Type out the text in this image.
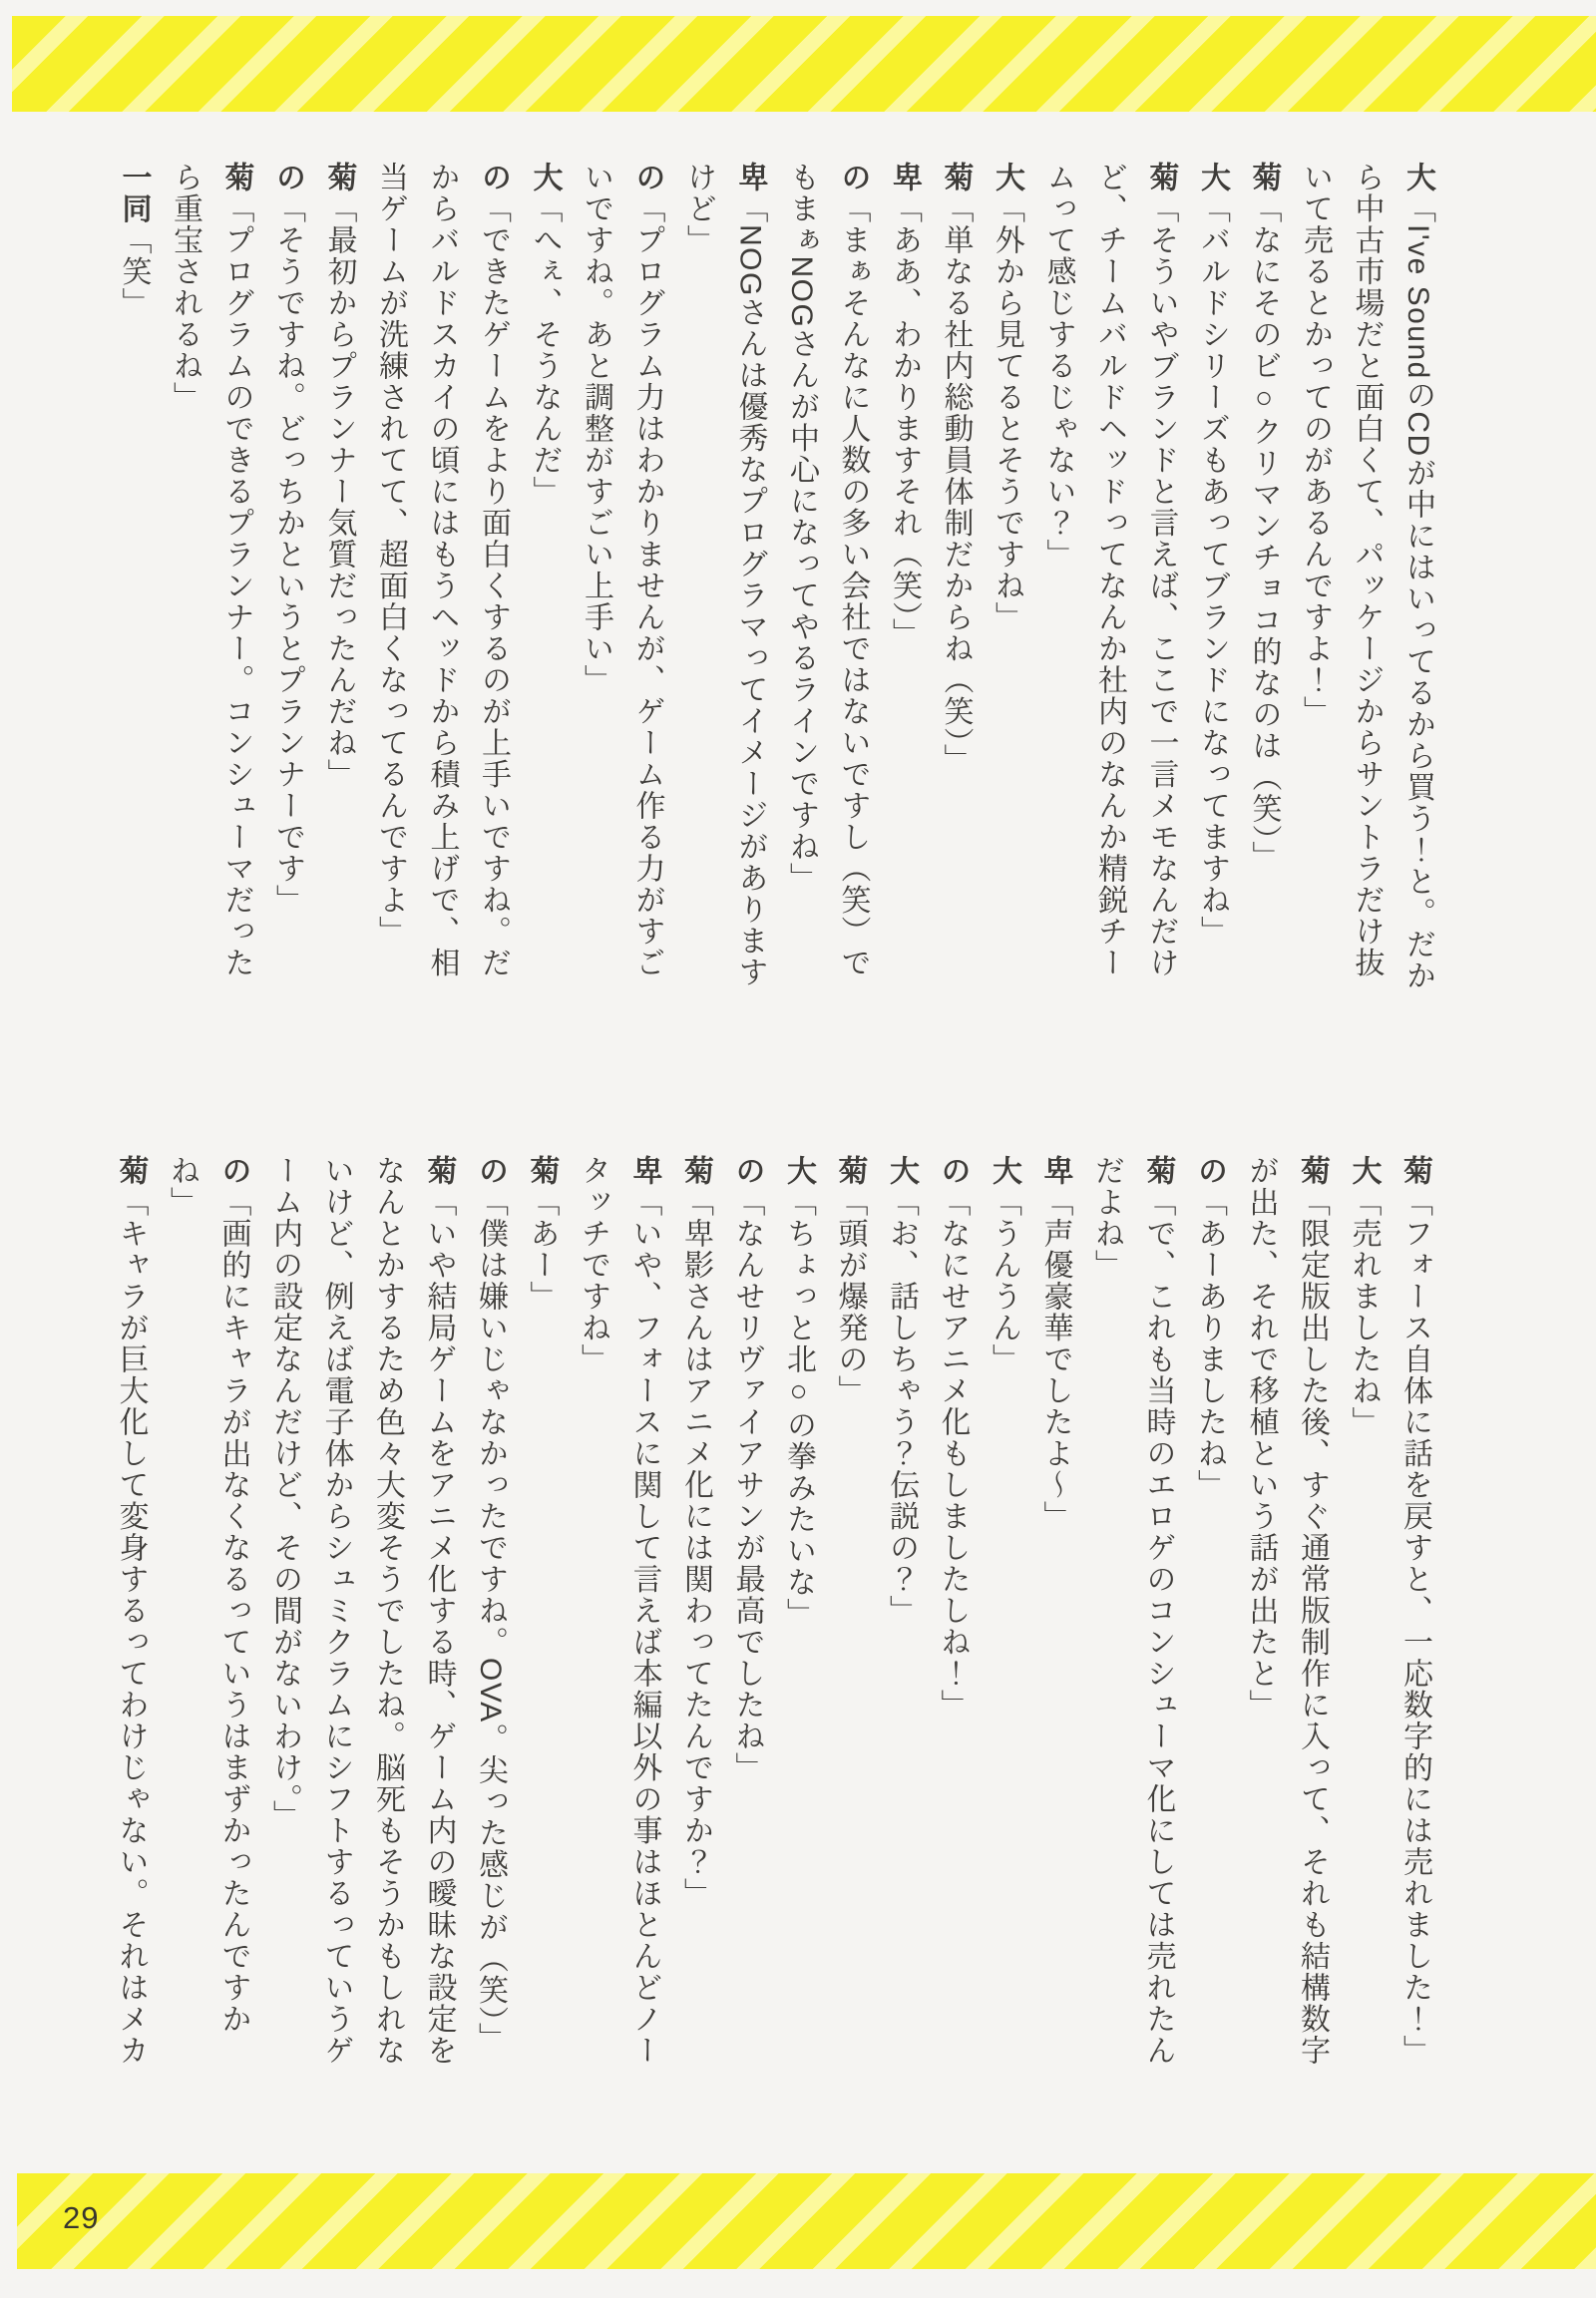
大「I've SoundのCDが中にはいってるから買う！と。だから中古市場だと面白くて、パッケージからサントラだけ抜いて売るとかってのがあるんですよ！」

菊「なにそのビ○クリマンチョコ的なのは（笑）」

大「バルドシリーズもあってブランドになってますね」

菊「そういやブランドと言えば、ここで一言メモなんだけど、チームバルドヘッドってなんか社内のなんか精鋭チームって感じするじゃない？」

大「外から見てるとそうですね」

菊「単なる社内総動員体制だからね（笑）」

卑「ああ、わかりますそれ（笑）」

の「まぁそんなに人数の多い会社ではないですし（笑）でもまぁNOGさんが中心になってやるラインですね」

卑「NOGさんは優秀なプログラマってイメージがありますけど」

の「プログラム力はわかりませんが、ゲーム作る力がすごいですね。あと調整がすごい上手い」

大「へぇ、そうなんだ」

の「できたゲームをより面白くするのが上手いですね。だからバルドスカイの頃にはもうヘッドから積み上げで、相当ゲームが洗練されてて、超面白くなってるんですよ」

菊「最初からプランナー気質だったんだね」

の「そうですね。どっちかというとプランナーです」

菊「プログラムのできるプランナー。コンシューマだったら重宝されるね」

一同「笑」

菊「フォース自体に話を戻すと、一応数字的には売れました！」

大「売れましたね」

菊「限定版出した後、すぐ通常版制作に入って、それも結構数字が出た、それで移植という話が出たと」

の「あーありましたね」

菊「で、これも当時のエロゲのコンシューマ化にしては売れたんだよね」

卑「声優豪華でしたよ〜」

大「うんうん」

の「なにせアニメ化もしましたしね！」

大「お、話しちゃう？伝説の？」

菊「頭が爆発の」

大「ちょっと北○の拳みたいな」

の「なんせリヴァイアサンが最高でしたね」

菊「卑影さんはアニメ化には関わってたんですか？」

卑「いや、フォースに関して言えば本編以外の事はほとんどノータッチですね」

菊「あー」

の「僕は嫌いじゃなかったですね。OVA。尖った感じが（笑）」

菊「いや結局ゲームをアニメ化する時、ゲーム内の曖昧な設定をなんとかするため色々大変そうでしたね。脳死もそうかもしれないけど、例えば電子体からシュミクラムにシフトするっていうゲーム内の設定なんだけど、その間がないわけ。」

の「画的にキャラが出なくなるっていうはまずかったんですかね」

菊「キャラが巨大化して変身するってわけじゃない。それはメカ

29
